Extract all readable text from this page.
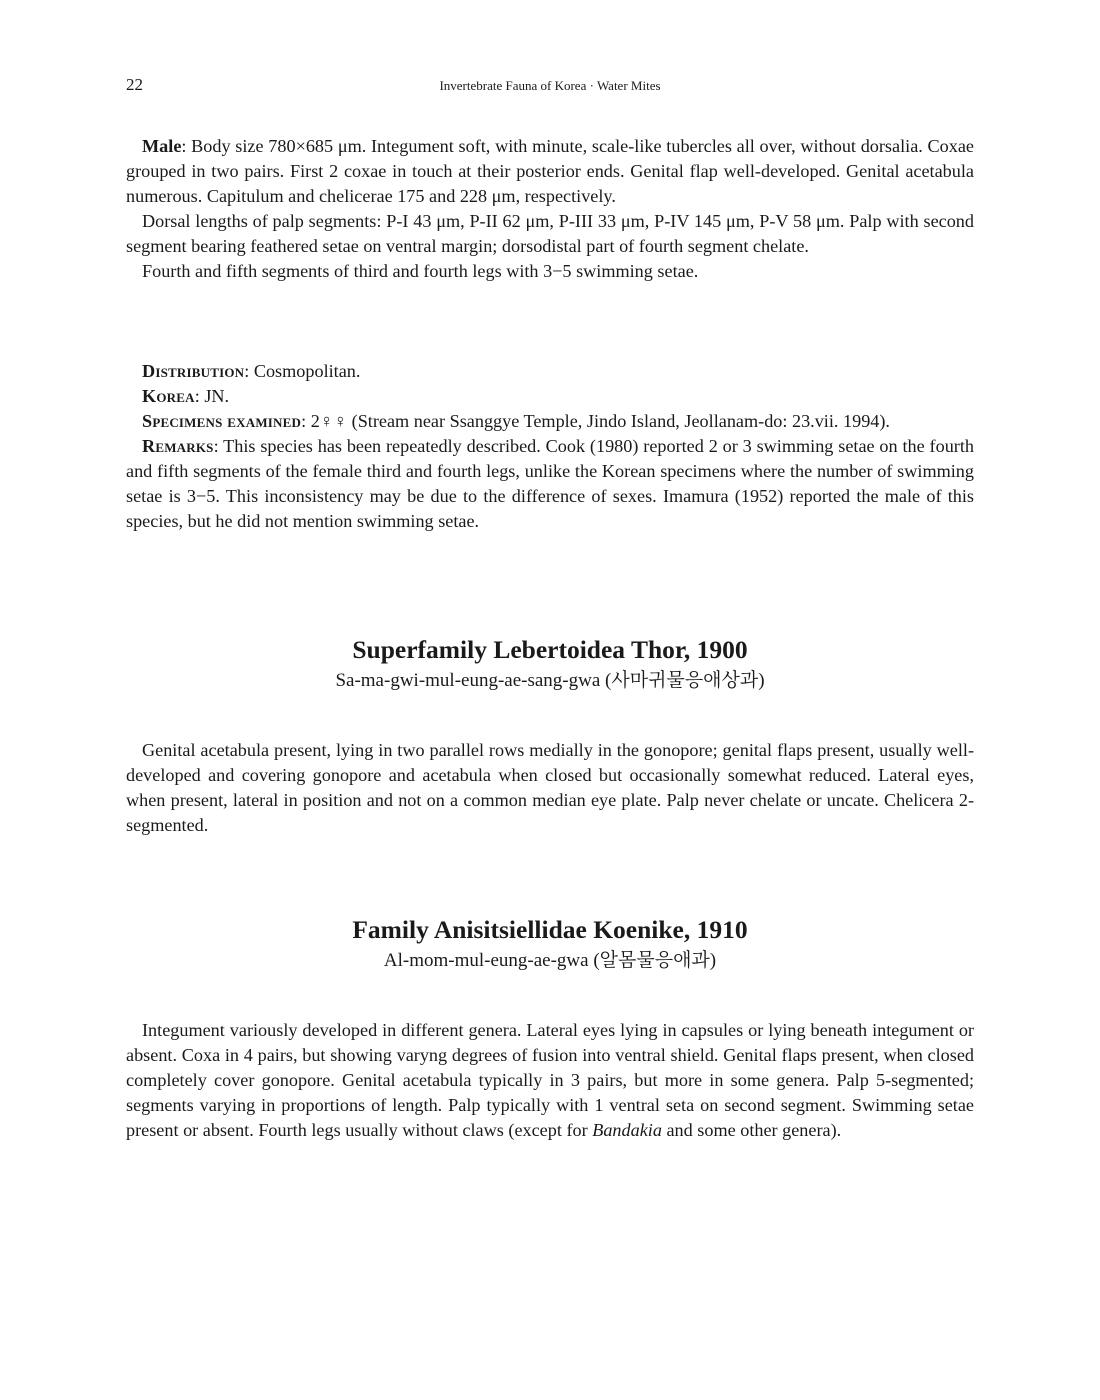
22	Invertebrate Fauna of Korea · Water Mites

Male: Body size 780×685 μm. Integument soft, with minute, scale-like tubercles all over, without dorsalia. Coxae grouped in two pairs. First 2 coxae in touch at their posterior ends. Genital flap well-developed. Genital acetabula numerous. Capitulum and chelicerae 175 and 228 μm, respectively.

Dorsal lengths of palp segments: P-I 43 μm, P-II 62 μm, P-III 33 μm, P-IV 145 μm, P-V 58 μm. Palp with second segment bearing feathered setae on ventral margin; dorsodistal part of fourth segment chelate.

Fourth and fifth segments of third and fourth legs with 3−5 swimming setae.

Distribution: Cosmopolitan.

Korea: JN.

Specimens examined: 2♀♀ (Stream near Ssanggye Temple, Jindo Island, Jeollanam-do: 23.vii. 1994).

Remarks: This species has been repeatedly described. Cook (1980) reported 2 or 3 swimming setae on the fourth and fifth segments of the female third and fourth legs, unlike the Korean specimens where the number of swimming setae is 3−5. This inconsistency may be due to the difference of sexes. Imamura (1952) reported the male of this species, but he did not mention swimming setae.

Superfamily Lebertoidea Thor, 1900
Sa-ma-gwi-mul-eung-ae-sang-gwa (사마귀물응애상과)

Genital acetabula present, lying in two parallel rows medially in the gonopore; genital flaps present, usually well-developed and covering gonopore and acetabula when closed but occasionally somewhat reduced. Lateral eyes, when present, lateral in position and not on a common median eye plate. Palp never chelate or uncate. Chelicera 2-segmented.

Family Anisitsiellidae Koenike, 1910
Al-mom-mul-eung-ae-gwa (알몸물응애과)

Integument variously developed in different genera. Lateral eyes lying in capsules or lying beneath integument or absent. Coxa in 4 pairs, but showing varyng degrees of fusion into ventral shield. Genital flaps present, when closed completely cover gonopore. Genital acetabula typically in 3 pairs, but more in some genera. Palp 5-segmented; segments varying in proportions of length. Palp typically with 1 ventral seta on second segment. Swimming setae present or absent. Fourth legs usually without claws (except for Bandakia and some other genera).
